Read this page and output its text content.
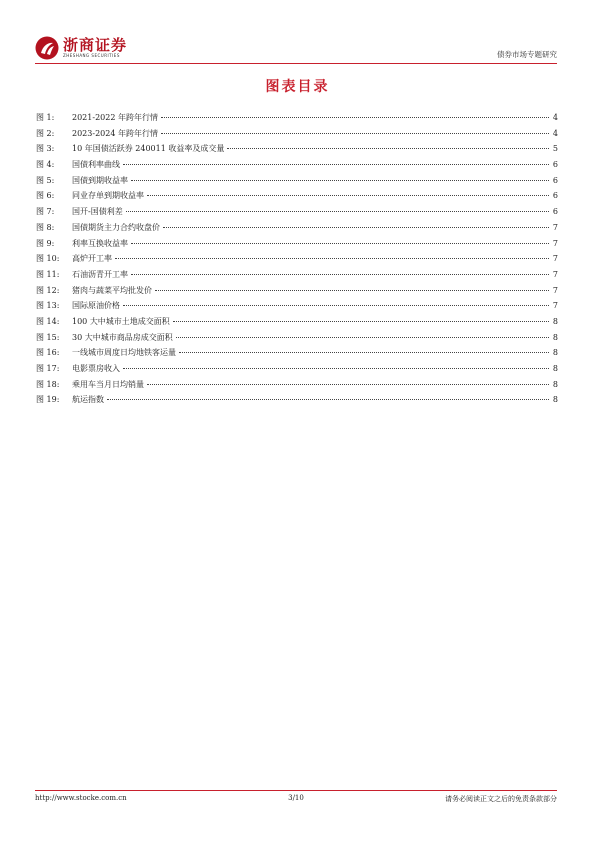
浙商证券
ZHESHANG SECURITIES	债券市场专题研究
图表目录
图 1:	2021-2022 年跨年行情	4
图 2:	2023-2024 年跨年行情	4
图 3:	10 年国债活跃券 240011 收益率及成交量	5
图 4:	国债利率曲线	6
图 5:	国债到期收益率	6
图 6:	同业存单到期收益率	6
图 7:	国开-国债利差	6
图 8:	国债期货主力合约收盘价	7
图 9:	利率互换收益率	7
图 10:	高炉开工率	7
图 11:	石油沥青开工率	7
图 12:	猪肉与蔬菜平均批发价	7
图 13:	国际原油价格	7
图 14:	100 大中城市土地成交面积	8
图 15:	30 大中城市商品房成交面积	8
图 16:	一线城市周度日均地铁客运量	8
图 17:	电影票房收入	8
图 18:	乘用车当月日均销量	8
图 19:	航运指数	8
http://www.stocke.com.cn	3/10	请务必阅读正文之后的免责条款部分
